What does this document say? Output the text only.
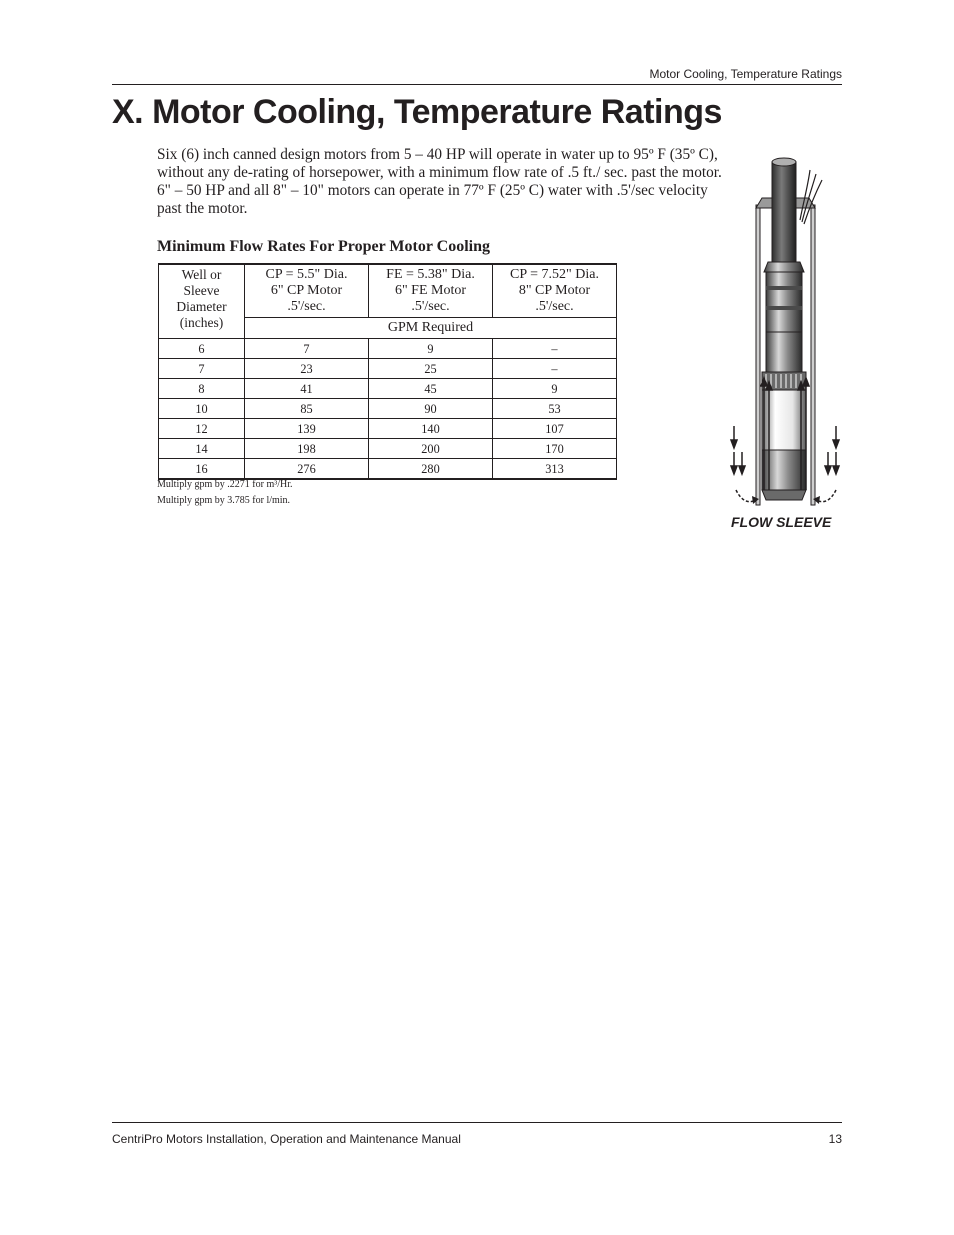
Motor Cooling, Temperature Ratings
X. Motor Cooling, Temperature Ratings

Six (6) inch canned design motors from 5 – 40 HP will operate in water up to 95º F (35º C), without any de-rating of horsepower, with a minimum flow rate of .5 ft./ sec. past the motor. 6" – 50 HP and all 8" – 10" motors can operate in 77º F (25º C) water with .5'/sec velocity past the motor.

Minimum Flow Rates For Proper Motor Cooling
Well or
Sleeve
Diameter
(inches)	CP = 5.5" Dia.
6" CP Motor
.5'/sec.	FE = 5.38" Dia.
6" FE Motor
.5'/sec.	CP = 7.52" Dia.
8" CP Motor
.5'/sec.
	GPM Required		
6	7	9	–
7	23	25	–
8	41	45	9
10	85	90	53
12	139	140	107
14	198	200	170
16	276	280	313
Multiply gpm by .2271 for m³/Hr.
Multiply gpm by 3.785 for l/min.
FLOW SLEEVE
CentriPro Motors Installation, Operation and Maintenance Manual	13
